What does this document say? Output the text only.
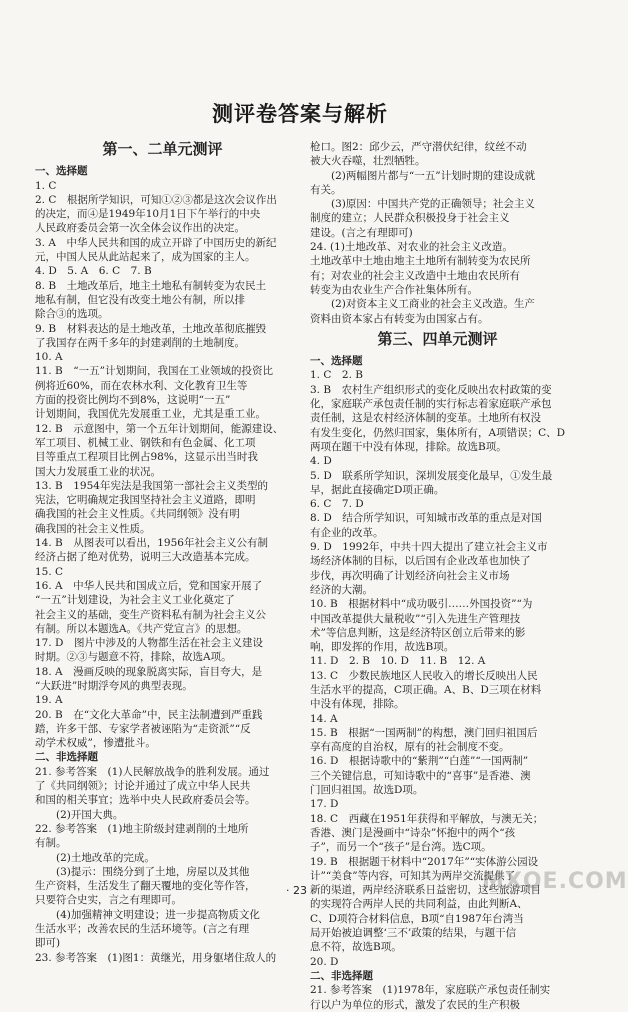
测评卷答案与解析
第一、二单元测评
一、选择题
1. C
2. C　根据所学知识，可知①②③都是这次会议作出
的决定，而④是1949年10月1日下午举行的中央
人民政府委员会第一次全体会议作出的决定。
3. A　中华人民共和国的成立开辟了中国历史的新纪
元，中国人民从此站起来了，成为国家的主人。
4. D　5. A　6. C　7. B
8. B　土地改革后，地主土地私有制转变为农民土
地私有制，但它没有改变土地公有制，所以排
除合③的选项。
9. B　材料表达的是土地改革，土地改革彻底摧毁
了我国存在两千多年的封建剥削的土地制度。
10. A
11. B　“一五”计划期间，我国在工业领域的投资比
例将近60%，而在农林水利、文化教育卫生等
方面的投资比例均不到8%，这说明“一五”
计划期间，我国优先发展重工业，尤其是重工业。
12. B　示意图中，第一个五年计划期间，能源建设、
军工项目、机械工业、钢铁和有色金属、化工项
目等重点工程项目比例占98%，这显示出当时我
国大力发展重工业的状况。
13. B　1954年宪法是我国第一部社会主义类型的
宪法，它明确规定我国坚持社会主义道路，即明
确我国的社会主义性质。《共同纲领》没有明
确我国的社会主义性质。
14. B　从图表可以看出，1956年社会主义公有制
经济占据了绝对优势，说明三大改造基本完成。
15. C
16. A　中华人民共和国成立后，党和国家开展了
“一五”计划建设，为社会主义工业化奠定了
社会主义的基础，变生产资料私有制为社会主义公
有制。所以本题选A。《共产党宣言》的思想。
17. D　图片中涉及的人物都生活在社会主义建设
时期。②③与题意不符，排除，故选A项。
18. A　漫画反映的现象脱离实际，盲目夸大，是
“大跃进”时期浮夸风的典型表现。
19. A
20. B　在“文化大革命”中，民主法制遭到严重践
踏，许多干部、专家学者被诬陷为“走资派”“反
动学术权威”，惨遭批斗。
二、非选择题
21. 参考答案　(1)人民解放战争的胜利发展。通过
了《共同纲领》；讨论并通过了成立中华人民共
和国的相关事宜；选举中央人民政府委员会等。
　　(2)开国大典。
22. 参考答案　(1)地主阶级封建剥削的土地所
有制。
　　(2)土地改革的完成。
　　(3)提示：围绕分到了土地，房屋以及其他
生产资料，生活发生了翻天覆地的变化等作答，
只要符合史实，言之有理即可。
　　(4)加强精神文明建设；进一步提高物质文化
生活水平；改善农民的生活环境等。(言之有理
即可)
23. 参考答案　(1)图1：黄继光，用身躯堵住敌人的
枪口。图2：邱少云，严守潜伏纪律，纹丝不动
被大火吞噬，壮烈牺牲。
　　(2)两幅图片都与“一五”计划时期的建设成就
有关。
　　(3)原因：中国共产党的正确领导；社会主义
制度的建立；人民群众积极投身于社会主义
建设。(言之有理即可)
24. (1)土地改革、对农业的社会主义改造。
土地改革中土地由地主土地所有制转变为农民所
有；对农业的社会主义改造中土地由农民所有
转变为由农业生产合作社集体所有。
　　(2)对资本主义工商业的社会主义改造。生产
资料由资本家占有转变为由国家占有。
第三、四单元测评
一、选择题
1. C　2. B
3. B　农村生产组织形式的变化反映出农村政策的变
化，家庭联产承包责任制的实行标志着家庭联产承包
责任制，这是农村经济体制的变革。土地所有权没
有发生变化，仍然归国家，集体所有，A项错误；C、D
两项在题干中没有体现，排除。故选B项。
4. D
5. D　联系所学知识，深圳发展变化最早，①发生最
早，据此直接确定D项正确。
6. C　7. D
8. D　结合所学知识，可知城市改革的重点是对国
有企业的改革。
9. D　1992年，中共十四大提出了建立社会主义市
场经济体制的目标，以后国有企业改革也加快了
步伐，再次明确了计划经济向社会主义市场
经济的大潮。
10. B　根据材料中“成功吸引……外国投资”“为
中国改革提供大量税收”“引入先进生产管理技
术”等信息判断，这是经济特区创立后带来的影
响，即发挥的作用，故选B项。
11. D　2. B　10. D　11. B　12. A
13. C　少数民族地区人民收入的增长反映出人民
生活水平的提高，C项正确。A、B、D三项在材料
中没有体现，排除。
14. A
15. B　根据“一国两制”的构想，澳门回归祖国后
享有高度的自治权，原有的社会制度不变。
16. D　根据诗歌中的“紫荆”“白莲”“一国两制”
三个关键信息，可知诗歌中的“喜事”是香港、澳
门回归祖国。故选D项。
17. D
18. C　西藏在1951年获得和平解放，与澳无关；
香港、澳门是漫画中“诗杂”怀抱中的两个“孩
子”，而另一个“孩子”是台湾。选C项。
19. B　根据题干材料中“2017年”“实体游公园设
计”“美食”等内容，可知其为两岸交流提供了
新的渠道，两岸经济联系日益密切，这些旅游项目
的实现符合两岸人民的共同利益，由此判断A、
C、D项符合材料信息，B项“自1987年台湾当
局开始被迫调整‘三不’政策的结果，与题干信
息不符，故选B项。
20. D
二、非选择题
21. 参考答案　(1)1978年，家庭联产承包责任制实
行以户为单位的形式，激发了农民的生产积极
· 23 ·	MXQE.COM
